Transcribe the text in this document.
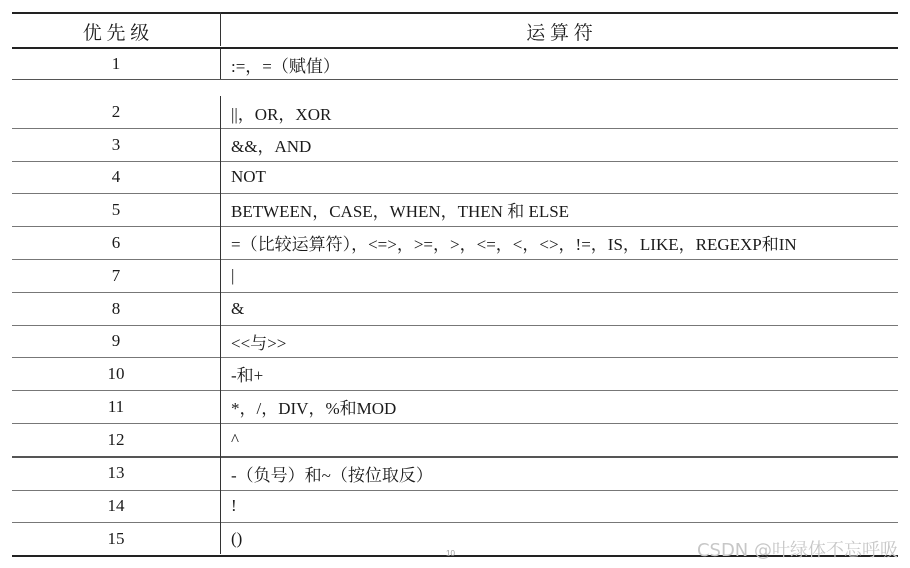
优 先 级	运 算 符
1	:=，=（赋值）
2	||，OR，XOR
3	&&，AND
4	NOT
5	BETWEEN，CASE，WHEN，THEN 和 ELSE
6	=（比较运算符），<=>，>=，>，<=，<，<>，!=，IS，LIKE，REGEXP和IN
7	|
8	&
9	<<与>>
10	-和+
11	*，/，DIV，%和MOD
12	^
13	-（负号）和~（按位取反）
14	!
15	()
10	CSDN @叶绿体不忘呼吸
